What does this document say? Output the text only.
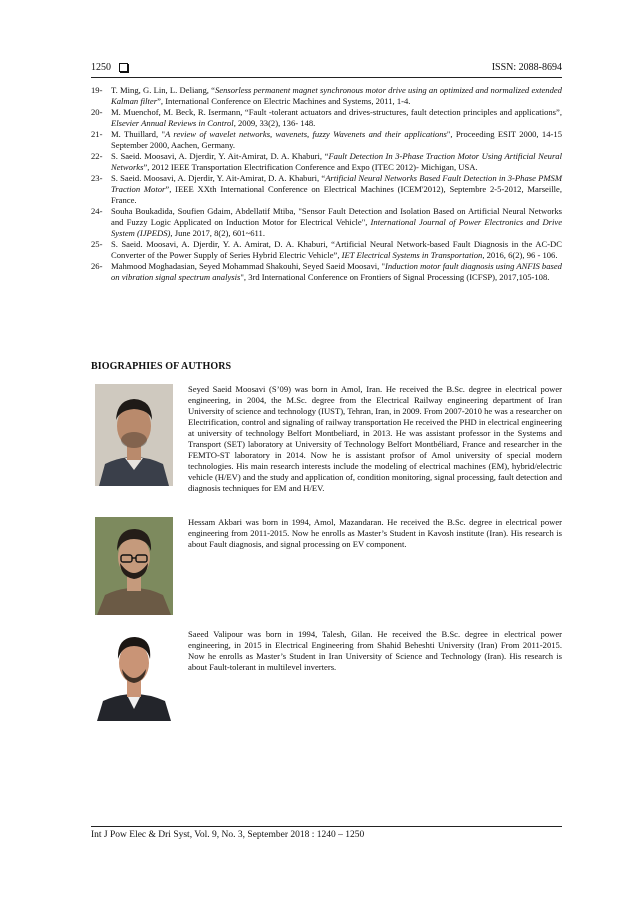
1250	ISSN: 2088-8694
19- T. Ming, G. Lin, L. Deliang, “Sensorless permanent magnet synchronous motor drive using an optimized and normalized extended Kalman filter”, International Conference on Electric Machines and Systems, 2011, 1-4.
20- M. Muenchof, M. Beck, R. Isermann, “Fault -tolerant actuators and drives-structures, fault detection principles and applications”, Elsevier Annual Reviews in Control, 2009, 33(2), 136- 148.
21- M. Thuillard, "A review of wavelet networks, wavenets, fuzzy Wavenets and their applications", Proceeding ESIT 2000, 14-15 September 2000, Aachen, Germany.
22- S. Saeid. Moosavi, A. Djerdir, Y. Ait-Amirat, D. A. Khaburi, “Fault Detection In 3-Phase Traction Motor Using Artificial Neural Networks”, 2012 IEEE Transportation Electrification Conference and Expo (ITEC 2012)- Michigan, USA.
23- S. Saeid. Moosavi, A. Djerdir, Y. Ait-Amirat, D. A. Khaburi, “Artificial Neural Networks Based Fault Detection in 3-Phase PMSM Traction Motor”, IEEE XXth International Conference on Electrical Machines (ICEM'2012), Septembre 2-5-2012, Marseille, France.
24- Souha Boukadida, Soufien Gdaim, Abdellatif Mtiba, "Sensor Fault Detection and Isolation Based on Artificial Neural Networks and Fuzzy Logic Applicated on Induction Motor for Electrical Vehicle", International Journal of Power Electronics and Drive System (IJPEDS), June 2017, 8(2), 601~611.
25- S. Saeid. Moosavi, A. Djerdir, Y. A. Amirat, D. A. Khaburi, “Artificial Neural Network-based Fault Diagnosis in the AC-DC Converter of the Power Supply of Series Hybrid Electric Vehicle”, IET Electrical Systems in Transportation, 2016, 6(2), 96 - 106.
26- Mahmood Moghadasian, Seyed Mohammad Shakouhi, Seyed Saeid Moosavi, "Induction motor fault diagnosis using ANFIS based on vibration signal spectrum analysis", 3rd International Conference on Frontiers of Signal Processing (ICFSP), 2017,105-108.
BIOGRAPHIES OF AUTHORS
Seyed Saeid Moosavi (S’09) was born in Amol, Iran. He received the B.Sc. degree in electrical power engineering, in 2004, the M.Sc. degree from the Electrical Railway engineering department of Iran University of science and technology (IUST), Tehran, Iran, in 2009. From 2007-2010 he was a researcher on Electrification, control and signaling of railway transportation He received the PHD in electrical engineering at university of technology Belfort Montbeliard, in 2013. He was assistant professor in the Systems and Transport (SET) laboratory at University of Technology Belfort Montbéliard, France and researcher in the FEMTO-ST laboratory in 2014. Now he is assistant profsor of Amol university of special modern technologies. His main research interests include the modeling of electrical machines (EM), hybrid/electric vehicle (H/EV) and the study and application of, condition monitoring, signal processing, fault detection and diagnosis techniques for EM and H/EV.
Hessam Akbari was born in 1994, Amol, Mazandaran. He received the B.Sc. degree in electrical power engineering from 2011-2015. Now he enrolls as Master’s Student in Kavosh institute (Iran). His research is about Fault diagnosis, and signal processing on EV component.
Saeed Valipour was born in 1994, Talesh, Gilan. He received the B.Sc. degree in electrical power engineering, in 2015 in Electrical Engineering from Shahid Beheshti University (Iran) From 2011-2015. Now he enrolls as Master’s Student in Iran University of Science and Technology (Iran). His research is about Fault-tolerant in multilevel inverters.
Int J Pow Elec & Dri Syst, Vol. 9, No. 3, September 2018 : 1240 – 1250
